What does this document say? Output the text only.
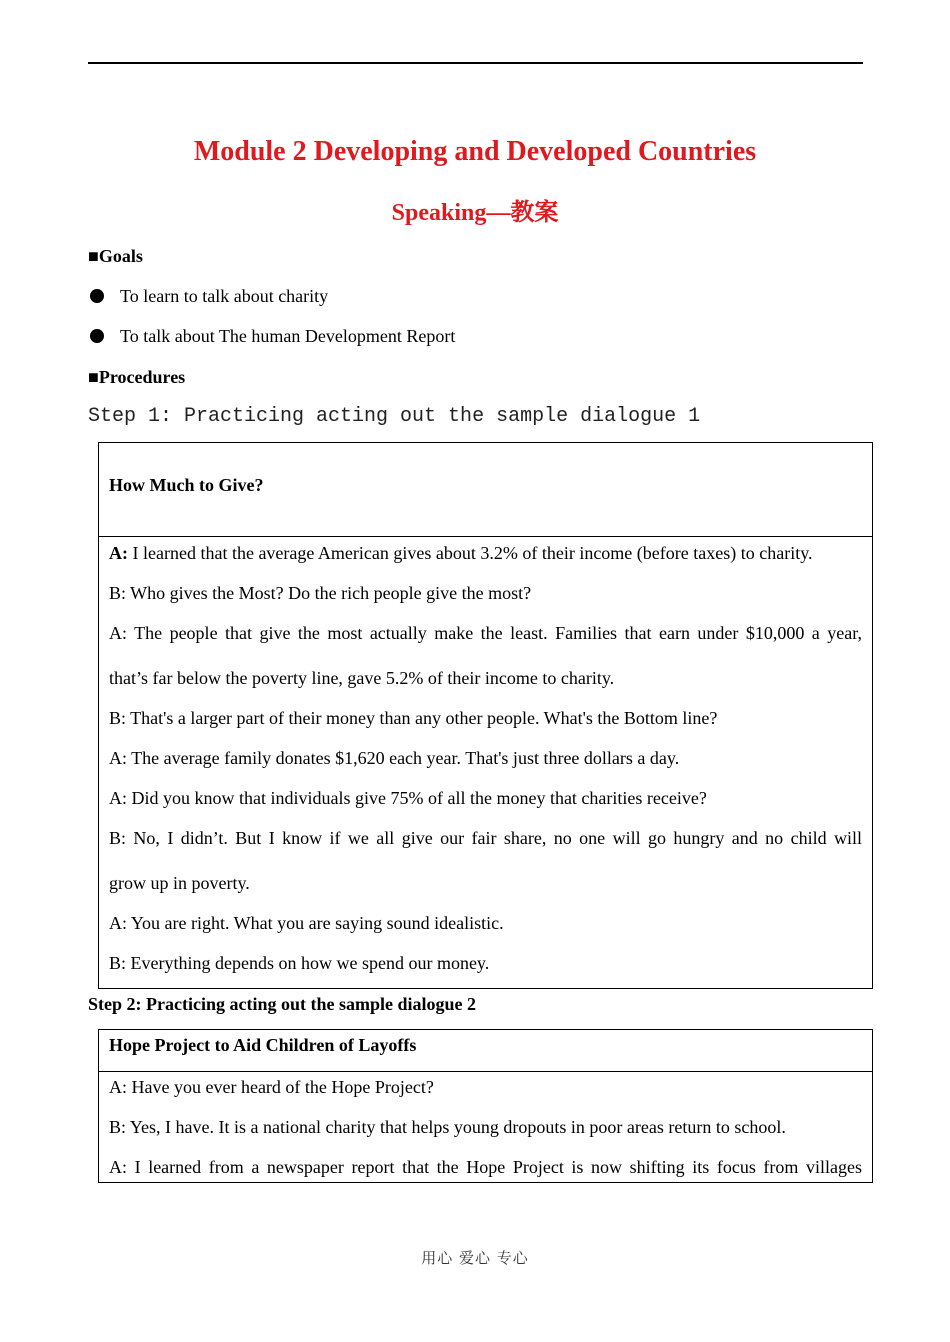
Module 2 Developing and Developed Countries
Speaking—教案
■Goals
To learn to talk about charity
To talk about The human Development Report
■Procedures
Step 1: Practicing acting out the sample dialogue 1
How Much to Give?
A: I learned that the average American gives about 3.2% of their income (before taxes) to charity.
B: Who gives the Most? Do the rich people give the most?
A: The people that give the most actually make the least. Families that earn under $10,000 a year,
that’s far below the poverty line, gave 5.2% of their income to charity.
B: That's a larger part of their money than any other people. What's the Bottom line?
A: The average family donates $1,620 each year. That's just three dollars a day.
A: Did you know that individuals give 75% of all the money that charities receive?
B: No, I didn’t. But I know if we all give our fair share, no one will go hungry and no child will
grow up in poverty.
A: You are right. What you are saying sound idealistic.
B: Everything depends on how we spend our money.
Step 2: Practicing acting out the sample dialogue 2
Hope Project to Aid Children of Layoffs
A: Have you ever heard of the Hope Project?
B: Yes, I have. It is a national charity that helps young dropouts in poor areas return to school.
A: I learned from a newspaper report that the Hope Project is now shifting its focus from villages
用心 爱心 专心
